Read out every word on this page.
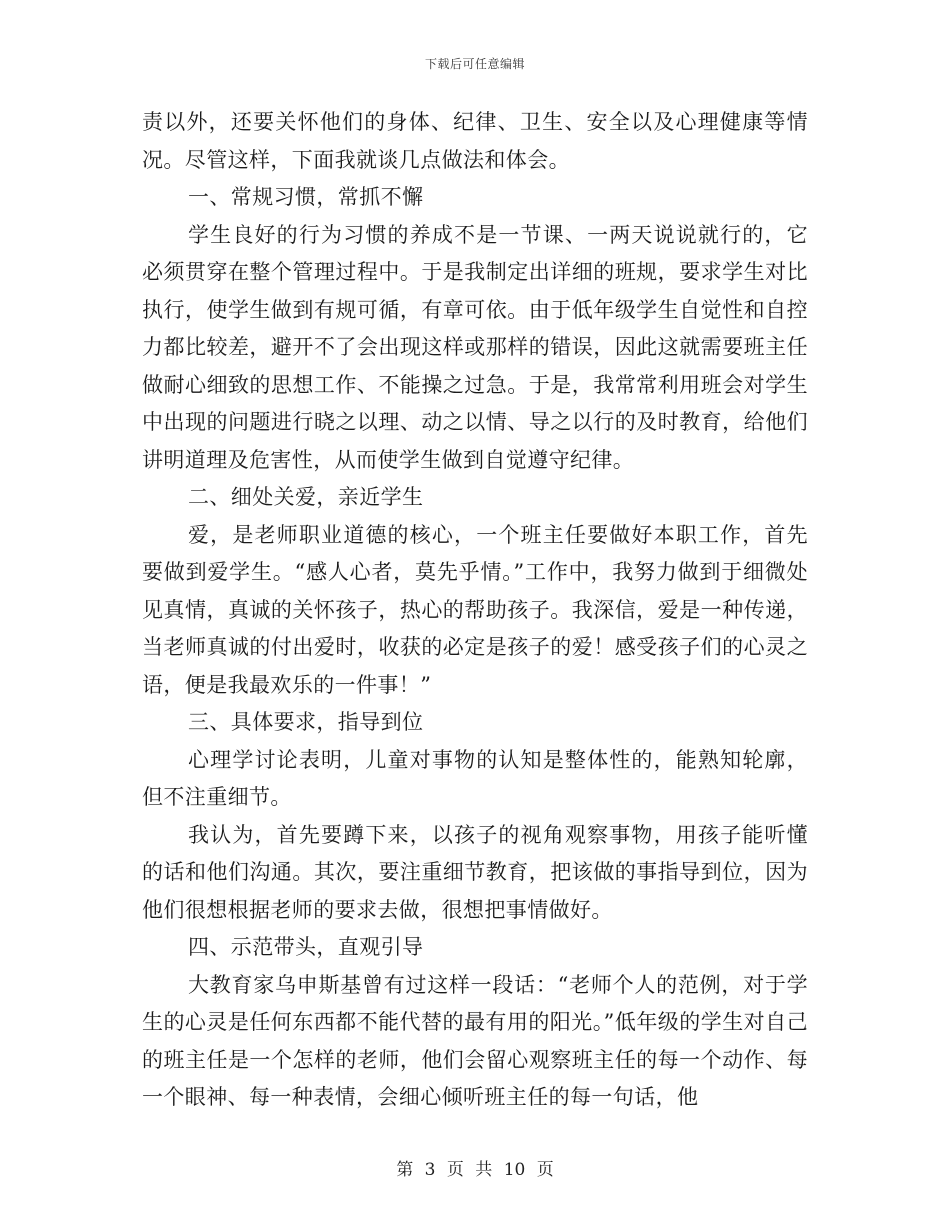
下载后可任意编辑

责以外，还要关怀他们的身体、纪律、卫生、安全以及心理健康等情况。尽管这样，下面我就谈几点做法和体会。

一、常规习惯，常抓不懈

学生良好的行为习惯的养成不是一节课、一两天说说就行的，它必须贯穿在整个管理过程中。于是我制定出详细的班规，要求学生对比执行，使学生做到有规可循，有章可依。由于低年级学生自觉性和自控力都比较差，避开不了会出现这样或那样的错误，因此这就需要班主任做耐心细致的思想工作、不能操之过急。于是，我常常利用班会对学生中出现的问题进行晓之以理、动之以情、导之以行的及时教育，给他们讲明道理及危害性，从而使学生做到自觉遵守纪律。

二、细处关爱，亲近学生

爱，是老师职业道德的核心，一个班主任要做好本职工作，首先要做到爱学生。“感人心者，莫先乎情。”工作中，我努力做到于细微处见真情，真诚的关怀孩子，热心的帮助孩子。我深信，爱是一种传递，当老师真诚的付出爱时，收获的必定是孩子的爱！感受孩子们的心灵之语，便是我最欢乐的一件事！”

三、具体要求，指导到位

心理学讨论表明，儿童对事物的认知是整体性的，能熟知轮廓，但不注重细节。

我认为，首先要蹲下来，以孩子的视角观察事物，用孩子能听懂的话和他们沟通。其次，要注重细节教育，把该做的事指导到位，因为他们很想根据老师的要求去做，很想把事情做好。

四、示范带头，直观引导

大教育家乌申斯基曾有过这样一段话：“老师个人的范例，对于学生的心灵是任何东西都不能代替的最有用的阳光。”低年级的学生对自己的班主任是一个怎样的老师，他们会留心观察班主任的每一个动作、每一个眼神、每一种表情，会细心倾听班主任的每一句话，他

第 3 页 共 10 页
